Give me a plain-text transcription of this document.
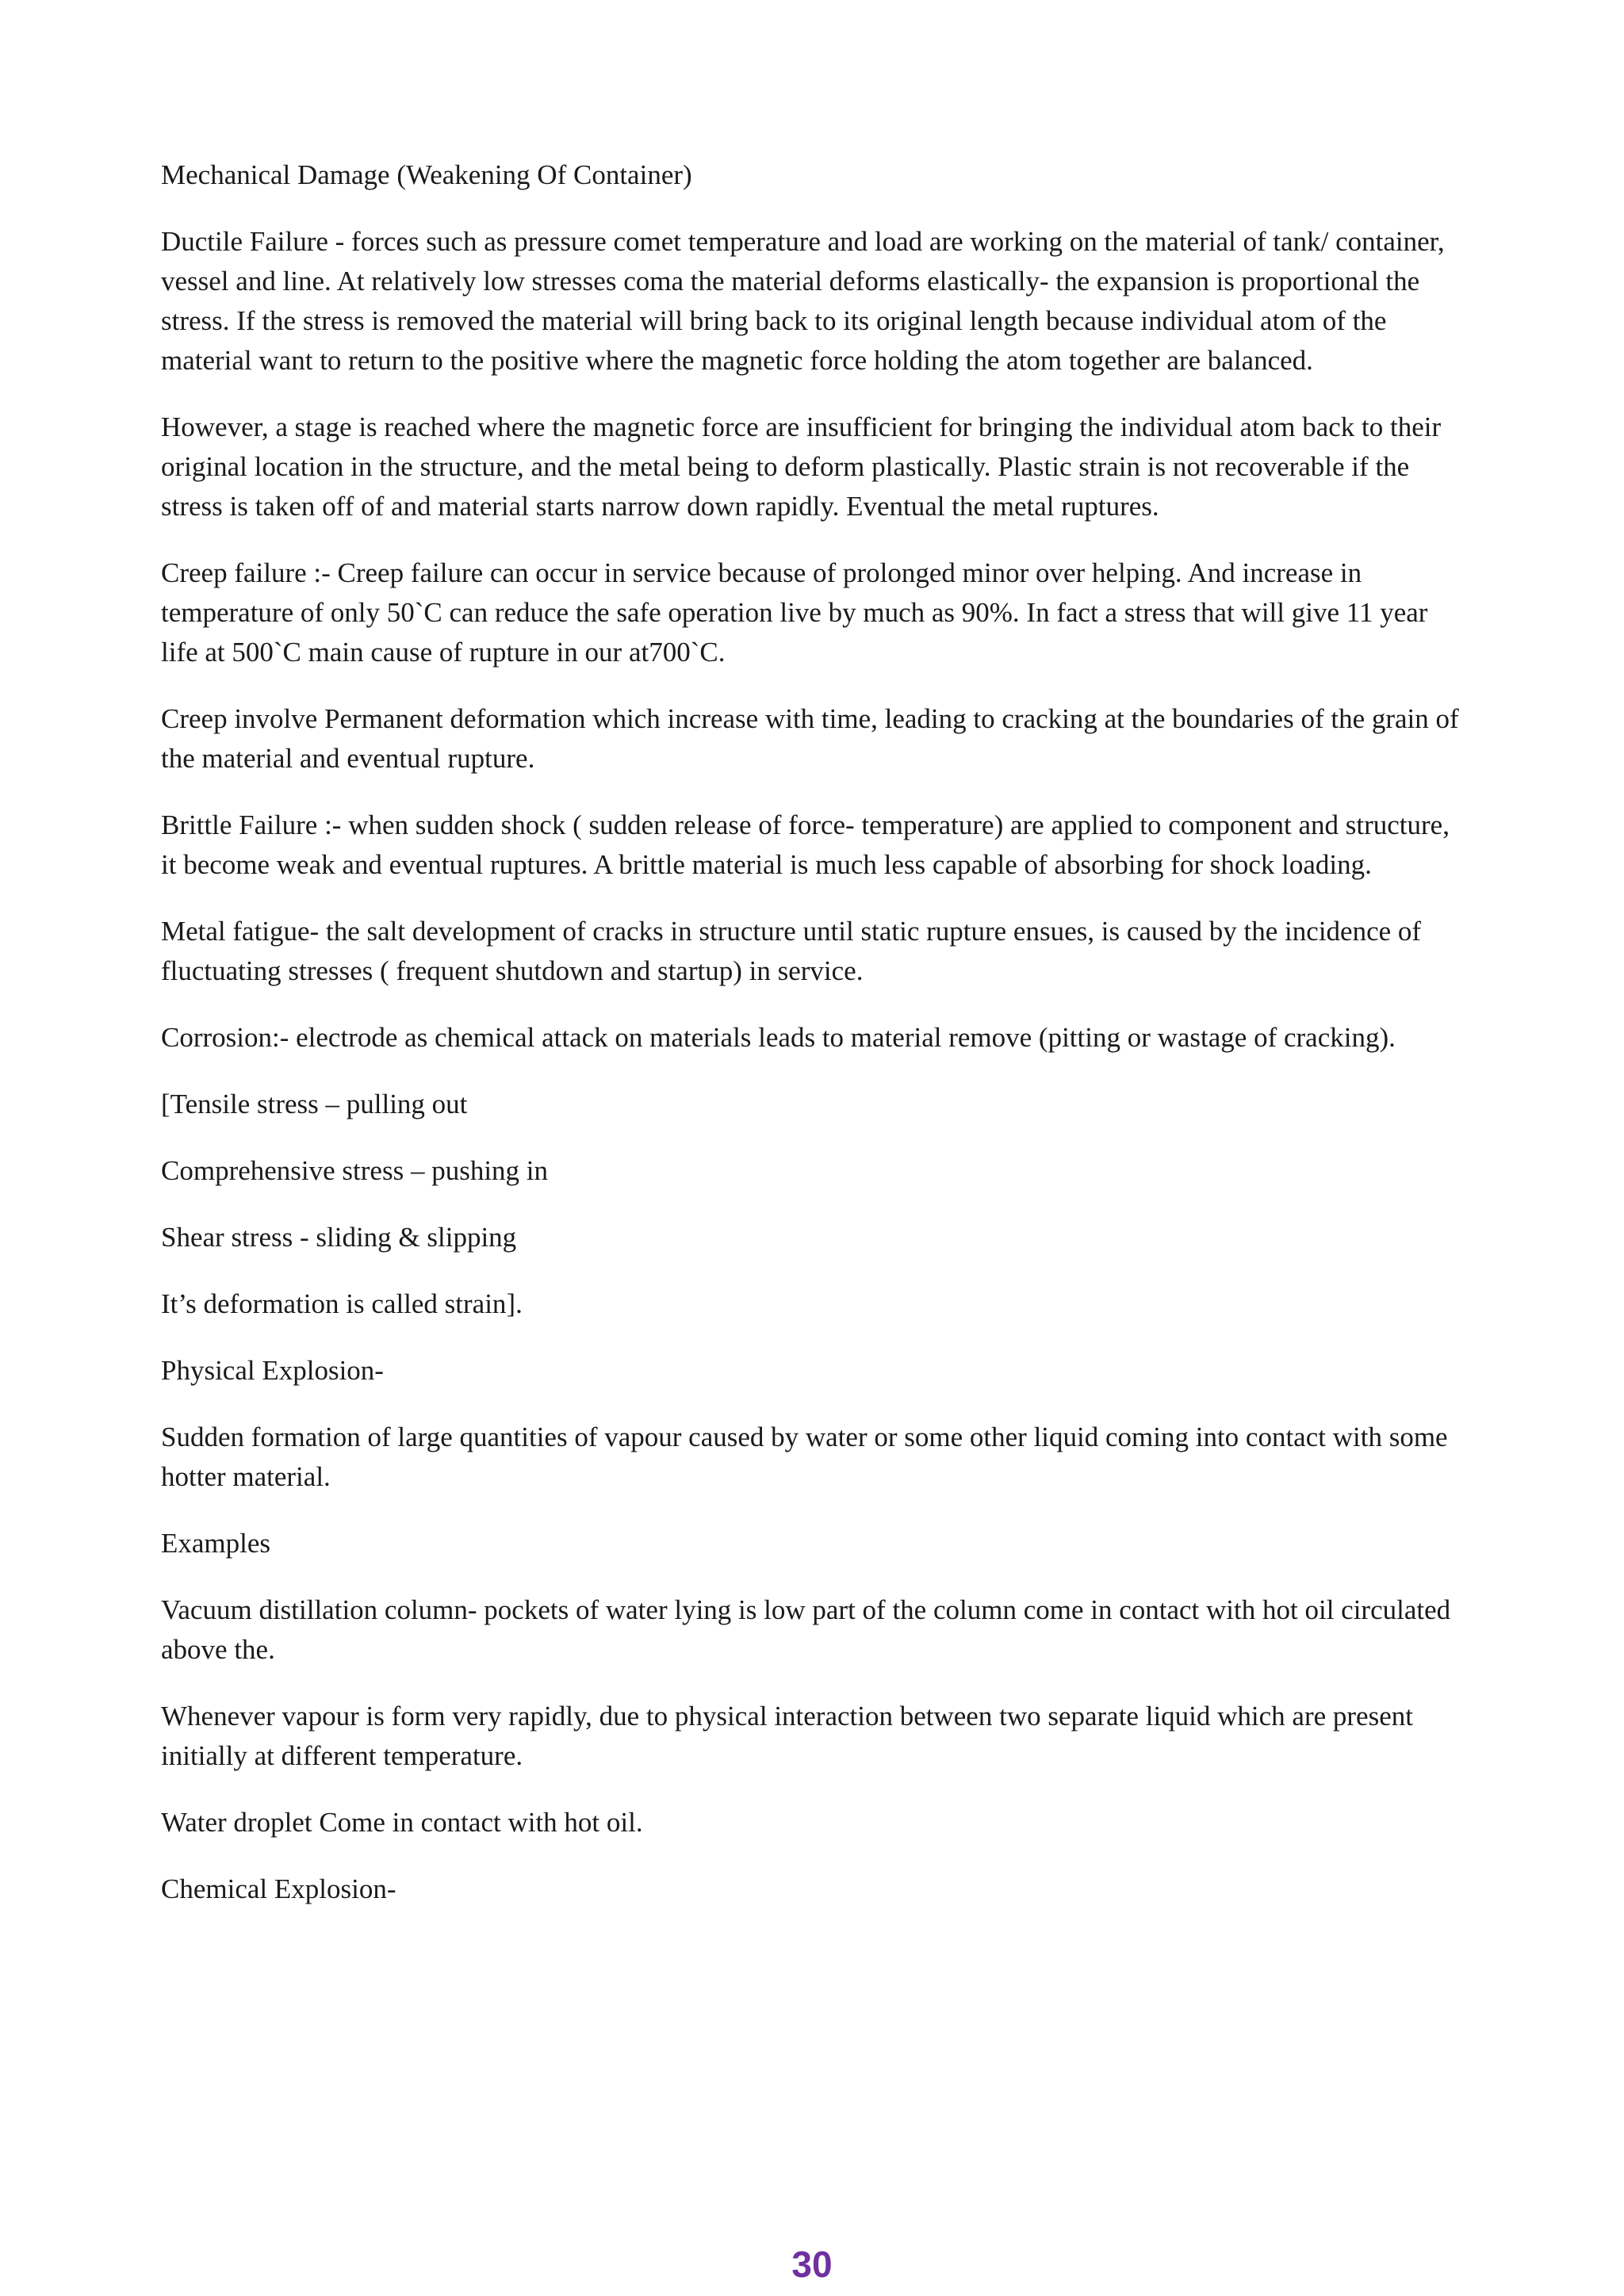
Mechanical Damage (Weakening Of Container)

Ductile Failure - forces such as pressure comet temperature and load are working on the material of tank/ container, vessel and line. At relatively low stresses coma the material deforms elastically- the expansion is proportional the stress. If the stress is removed the material will bring back to its original length because individual atom of the material want to return to the positive where the magnetic force holding the atom together are balanced.

However, a stage is reached where the magnetic force are insufficient for bringing the individual atom back to their original location in the structure, and the metal being to deform plastically. Plastic strain is not recoverable if the stress is taken off of and material starts narrow down rapidly. Eventual the metal ruptures.

Creep failure :- Creep failure can occur in service because of prolonged minor over helping. And increase in temperature of only 50`C can reduce the safe operation live by much as 90%. In fact a stress that will give 11 year life at 500`C main cause of rupture in our at700`C.

Creep involve Permanent deformation which increase with time, leading to cracking at the boundaries of the grain of the material and eventual rupture.

Brittle Failure :- when sudden shock ( sudden release of force- temperature) are applied to component and structure, it become weak and eventual ruptures. A brittle material is much less capable of absorbing for shock loading.

Metal fatigue- the salt development of cracks in structure until static rupture ensues, is caused by the incidence of fluctuating stresses ( frequent shutdown and startup) in service.

Corrosion:- electrode as chemical attack on materials leads to material remove (pitting or wastage of cracking).

[Tensile stress – pulling out

Comprehensive stress – pushing in

Shear stress - sliding & slipping

It’s deformation is called strain].

Physical Explosion-

Sudden formation of large quantities of vapour caused by water or some other liquid coming into contact with some hotter material.

Examples

Vacuum distillation column- pockets of water lying is low part of the column come in contact with hot oil circulated above the.

Whenever vapour is form very rapidly, due to physical interaction between two separate liquid which are present initially at different temperature.

Water droplet Come in contact with hot oil.

Chemical Explosion-

30
